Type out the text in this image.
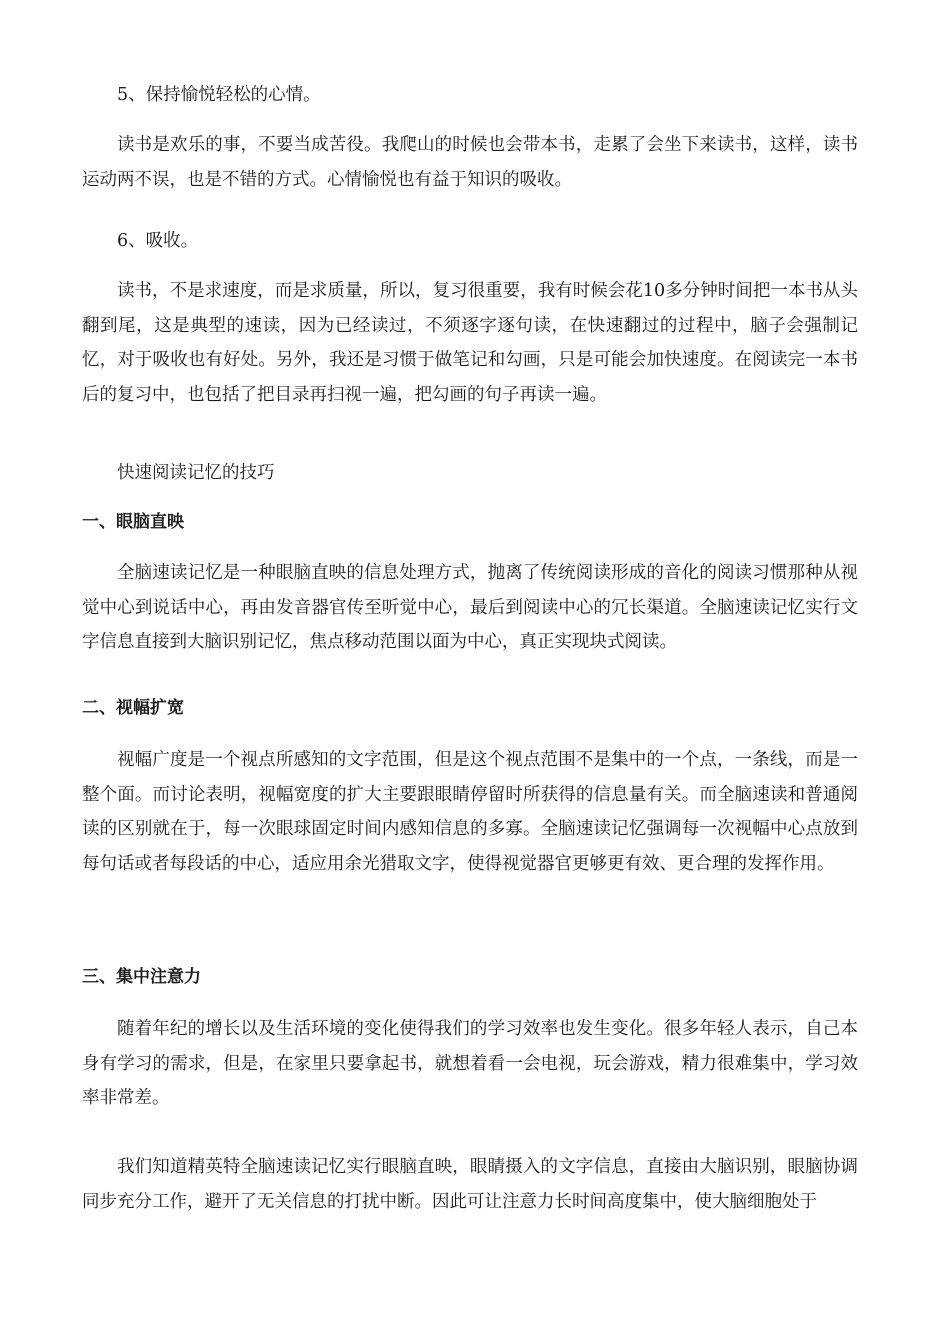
5、保持愉悦轻松的心情。

读书是欢乐的事，不要当成苦役。我爬山的时候也会带本书，走累了会坐下来读书，这样，读书运动两不误，也是不错的方式。心情愉悦也有益于知识的吸收。

6、吸收。

读书，不是求速度，而是求质量，所以，复习很重要，我有时候会花10多分钟时间把一本书从头翻到尾，这是典型的速读，因为已经读过，不须逐字逐句读，在快速翻过的过程中，脑子会强制记忆，对于吸收也有好处。另外，我还是习惯于做笔记和勾画，只是可能会加快速度。在阅读完一本书后的复习中，也包括了把目录再扫视一遍，把勾画的句子再读一遍。

快速阅读记忆的技巧

一、眼脑直映

全脑速读记忆是一种眼脑直映的信息处理方式，抛离了传统阅读形成的音化的阅读习惯那种从视觉中心到说话中心，再由发音器官传至听觉中心，最后到阅读中心的冗长渠道。全脑速读记忆实行文字信息直接到大脑识别记忆，焦点移动范围以面为中心，真正实现块式阅读。

二、视幅扩宽

视幅广度是一个视点所感知的文字范围，但是这个视点范围不是集中的一个点，一条线，而是一整个面。而讨论表明，视幅宽度的扩大主要跟眼睛停留时所获得的信息量有关。而全脑速读和普通阅读的区别就在于，每一次眼球固定时间内感知信息的多寡。全脑速读记忆强调每一次视幅中心点放到每句话或者每段话的中心，适应用余光猎取文字，使得视觉器官更够更有效、更合理的发挥作用。

三、集中注意力

随着年纪的增长以及生活环境的变化使得我们的学习效率也发生变化。很多年轻人表示，自己本身有学习的需求，但是，在家里只要拿起书，就想着看一会电视，玩会游戏，精力很难集中，学习效率非常差。

我们知道精英特全脑速读记忆实行眼脑直映，眼睛摄入的文字信息，直接由大脑识别，眼脑协调同步充分工作，避开了无关信息的打扰中断。因此可让注意力长时间高度集中，使大脑细胞处于
